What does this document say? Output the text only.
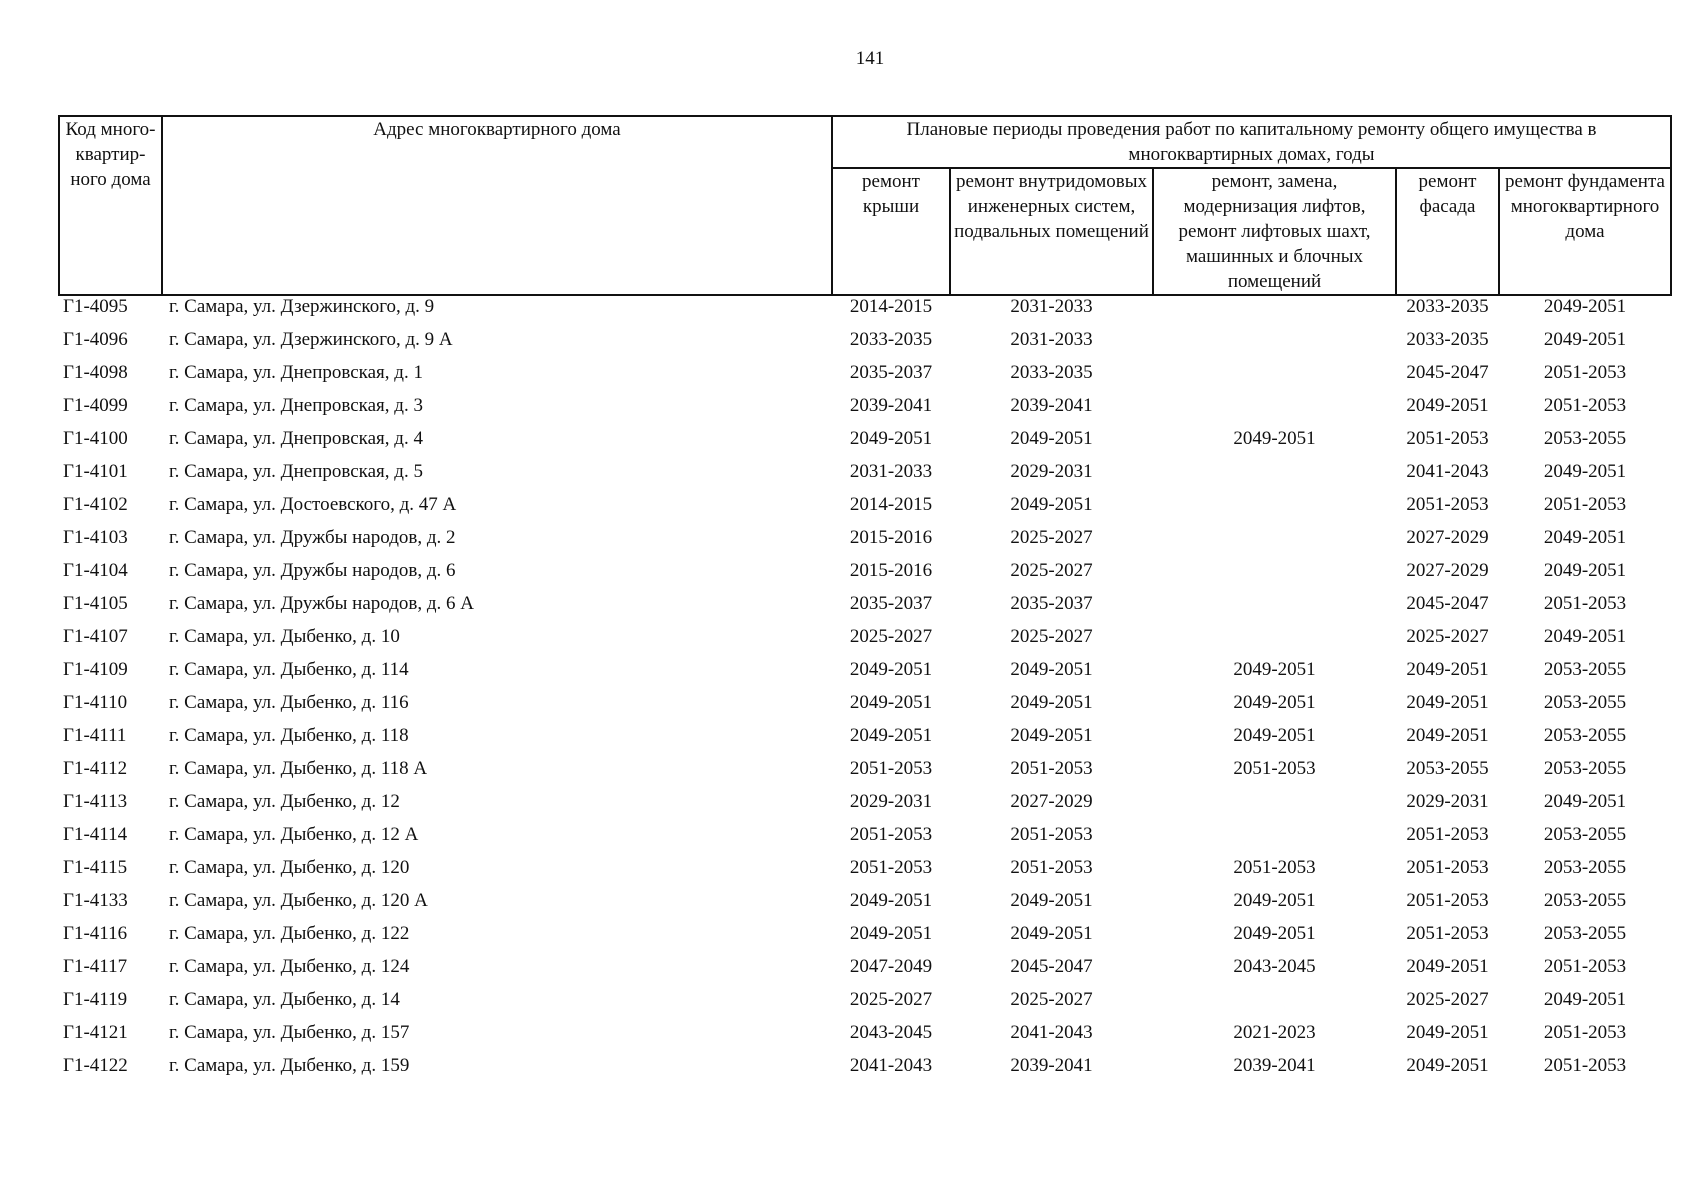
141
Код много-квартир-ного дома	Адрес многоквартирного дома	Плановые периоды проведения работ по капитальному ремонту общего имущества в многоквартирных домах, годы				
		ремонт крыши	ремонт внутридомовых инженерных систем, подвальных помещений	ремонт, замена, модернизация лифтов, ремонт лифтовых шахт, машинных и блочных помещений	ремонт фасада	ремонт фундамента многоквартирного дома
Г1-4095	г. Самара, ул. Дзержинского, д. 9	2014-2015	2031-2033		2033-2035	2049-2051
Г1-4096	г. Самара, ул. Дзержинского, д. 9 А	2033-2035	2031-2033		2033-2035	2049-2051
Г1-4098	г. Самара, ул. Днепровская, д. 1	2035-2037	2033-2035		2045-2047	2051-2053
Г1-4099	г. Самара, ул. Днепровская, д. 3	2039-2041	2039-2041		2049-2051	2051-2053
Г1-4100	г. Самара, ул. Днепровская, д. 4	2049-2051	2049-2051	2049-2051	2051-2053	2053-2055
Г1-4101	г. Самара, ул. Днепровская, д. 5	2031-2033	2029-2031		2041-2043	2049-2051
Г1-4102	г. Самара, ул. Достоевского, д. 47 А	2014-2015	2049-2051		2051-2053	2051-2053
Г1-4103	г. Самара, ул. Дружбы народов, д. 2	2015-2016	2025-2027		2027-2029	2049-2051
Г1-4104	г. Самара, ул. Дружбы народов, д. 6	2015-2016	2025-2027		2027-2029	2049-2051
Г1-4105	г. Самара, ул. Дружбы народов, д. 6 А	2035-2037	2035-2037		2045-2047	2051-2053
Г1-4107	г. Самара, ул. Дыбенко, д. 10	2025-2027	2025-2027		2025-2027	2049-2051
Г1-4109	г. Самара, ул. Дыбенко, д. 114	2049-2051	2049-2051	2049-2051	2049-2051	2053-2055
Г1-4110	г. Самара, ул. Дыбенко, д. 116	2049-2051	2049-2051	2049-2051	2049-2051	2053-2055
Г1-4111	г. Самара, ул. Дыбенко, д. 118	2049-2051	2049-2051	2049-2051	2049-2051	2053-2055
Г1-4112	г. Самара, ул. Дыбенко, д. 118 А	2051-2053	2051-2053	2051-2053	2053-2055	2053-2055
Г1-4113	г. Самара, ул. Дыбенко, д. 12	2029-2031	2027-2029		2029-2031	2049-2051
Г1-4114	г. Самара, ул. Дыбенко, д. 12 А	2051-2053	2051-2053		2051-2053	2053-2055
Г1-4115	г. Самара, ул. Дыбенко, д. 120	2051-2053	2051-2053	2051-2053	2051-2053	2053-2055
Г1-4133	г. Самара, ул. Дыбенко, д. 120 А	2049-2051	2049-2051	2049-2051	2051-2053	2053-2055
Г1-4116	г. Самара, ул. Дыбенко, д. 122	2049-2051	2049-2051	2049-2051	2051-2053	2053-2055
Г1-4117	г. Самара, ул. Дыбенко, д. 124	2047-2049	2045-2047	2043-2045	2049-2051	2051-2053
Г1-4119	г. Самара, ул. Дыбенко, д. 14	2025-2027	2025-2027		2025-2027	2049-2051
Г1-4121	г. Самара, ул. Дыбенко, д. 157	2043-2045	2041-2043	2021-2023	2049-2051	2051-2053
Г1-4122	г. Самара, ул. Дыбенко, д. 159	2041-2043	2039-2041	2039-2041	2049-2051	2051-2053
